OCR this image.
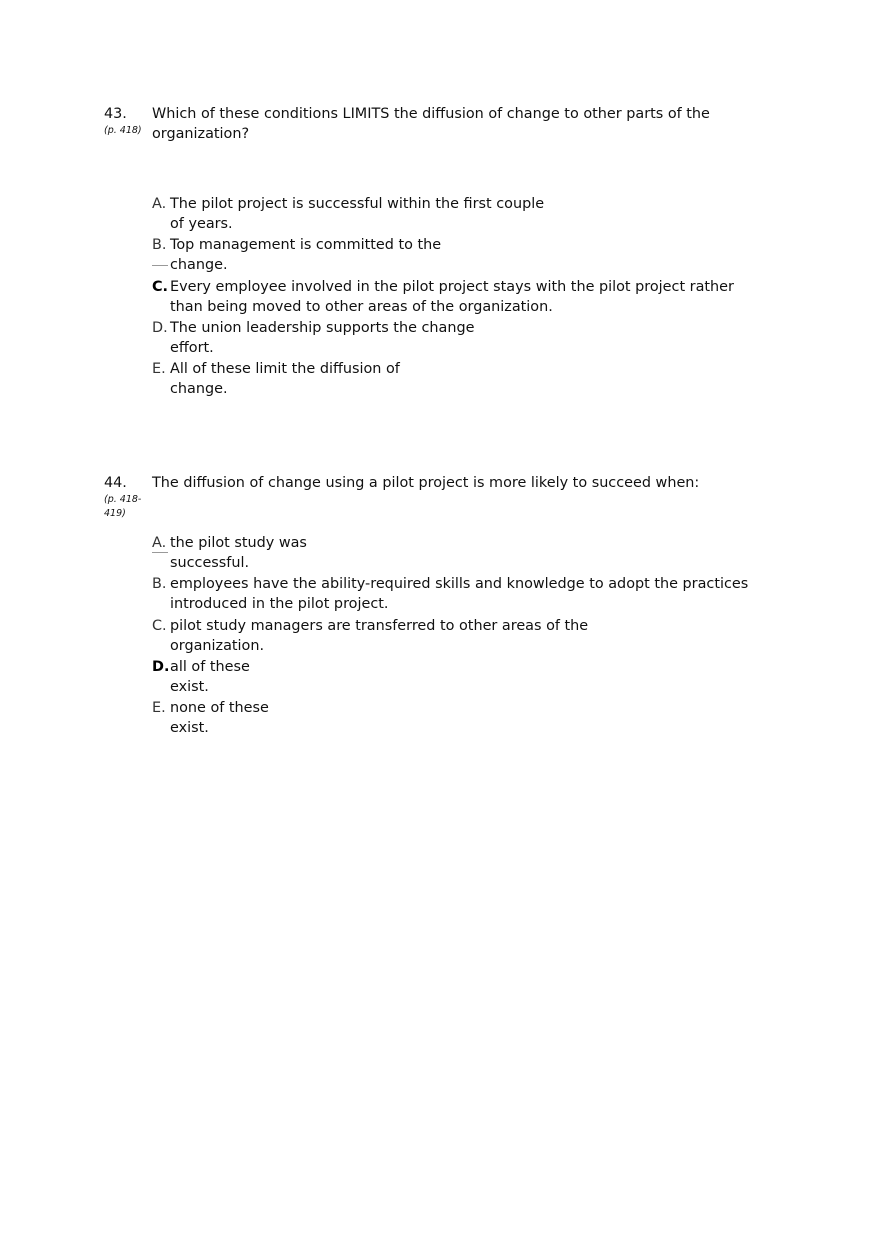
43.
(p. 418)
Which of these conditions LIMITS the diffusion of change to other parts of the
organization?
A. The pilot project is successful within the first couple
of years.
B. Top management is committed to the
change.
C. Every employee involved in the pilot project stays with the pilot project rather
than being moved to other areas of the organization.
D. The union leadership supports the change
effort.
E. All of these limit the diffusion of
change.
44.
(p. 418-419)
The diffusion of change using a pilot project is more likely to succeed when:
A. the pilot study was
successful.
B. employees have the ability-required skills and knowledge to adopt the practices
introduced in the pilot project.
C. pilot study managers are transferred to other areas of the
organization.
D. all of these
exist.
E. none of these
exist.
